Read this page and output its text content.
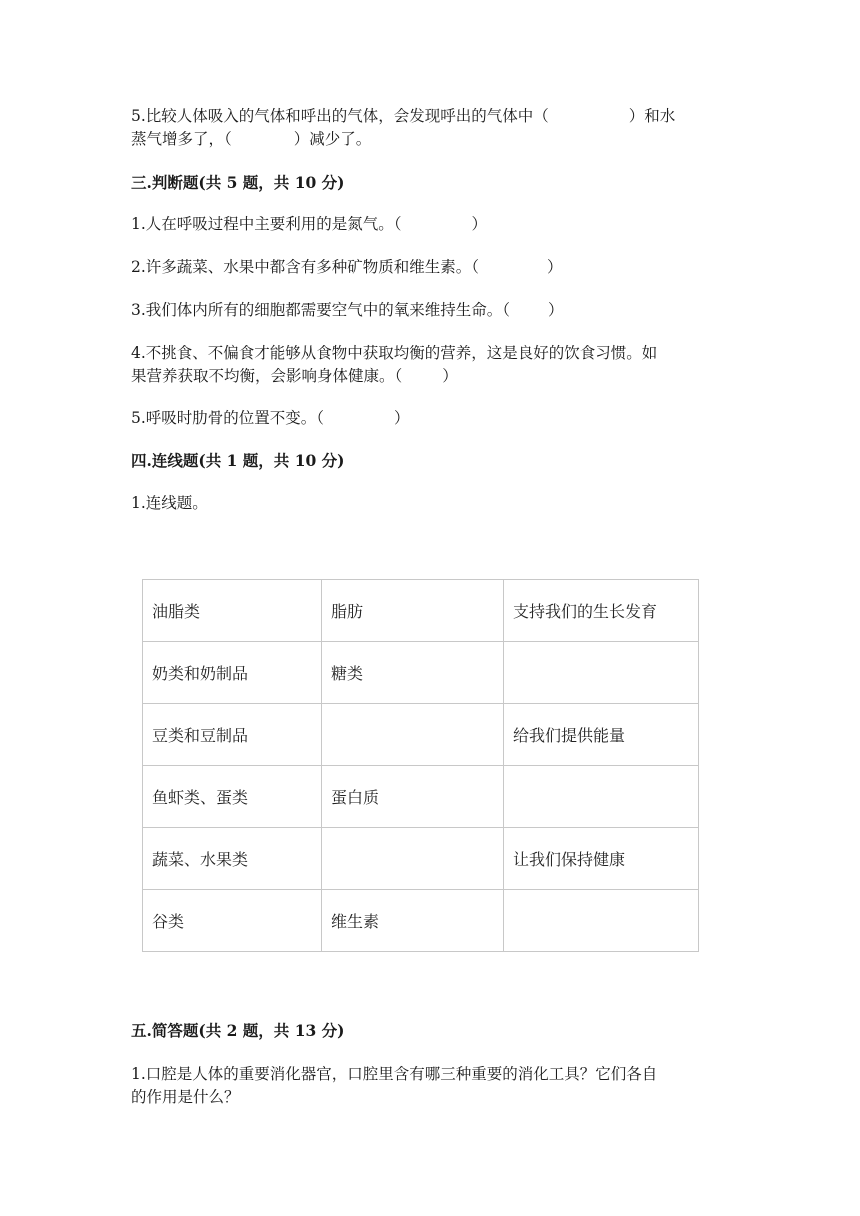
5.比较人体吸入的气体和呼出的气体，会发现呼出的气体中（	）和水
蒸气增多了，（	）减少了。
三.判断题(共 5 题，共 10 分)
1.人在呼吸过程中主要利用的是氮气。（	）
2.许多蔬菜、水果中都含有多种矿物质和维生素。（	）
3.我们体内所有的细胞都需要空气中的氧来维持生命。（ ）
4.不挑食、不偏食才能够从食物中获取均衡的营养，这是良好的饮食习惯。如
果营养获取不均衡，会影响身体健康。（	）
5.呼吸时肋骨的位置不变。（	）
四.连线题(共 1 题，共 10 分)
1.连线题。
油脂类	脂肪	支持我们的生长发育
奶类和奶制品	糖类	
豆类和豆制品		给我们提供能量
鱼虾类、蛋类	蛋白质	
蔬菜、水果类		让我们保持健康
谷类	维生素	
五.简答题(共 2 题，共 13 分)
1.口腔是人体的重要消化器官，口腔里含有哪三种重要的消化工具？它们各自
的作用是什么？
